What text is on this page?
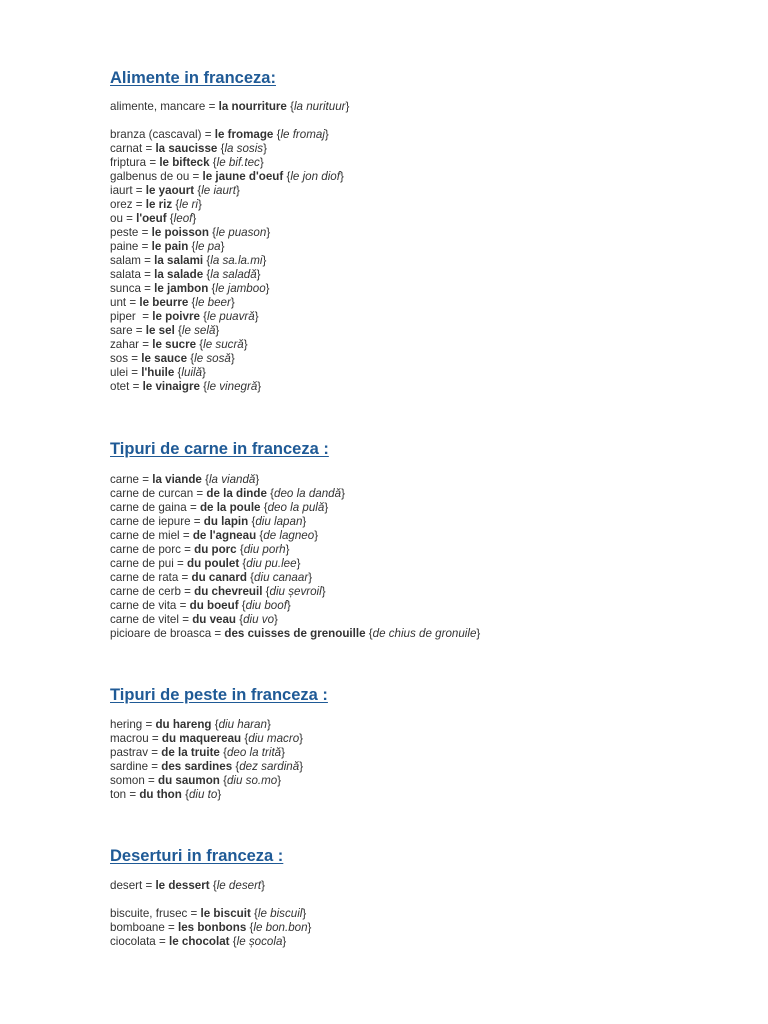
Alimente in franceza:
alimente, mancare = la nourriture {la nurituur}
branza (cascaval) = le fromage {le fromaj}
carnat = la saucisse {la sosis}
friptura = le bifteck {le bif.tec}
galbenus de ou = le jaune d'oeuf {le jon diof}
iaurt = le yaourt {le iaurt}
orez = le riz {le ri}
ou = l'oeuf {leof}
peste = le poisson {le puason}
paine = le pain {le pa}
salam = la salami {la sa.la.mi}
salata = la salade {la saladă}
sunca = le jambon {le jamboo}
unt = le beurre {le beer}
piper  = le poivre {le puavră}
sare = le sel {le selă}
zahar = le sucre {le sucră}
sos = le sauce {le sosă}
ulei = l'huile {luilă}
otet = le vinaigre {le vinegră}
Tipuri de carne in franceza :
carne = la viande {la viandă}
carne de curcan = de la dinde {deo la dandă}
carne de gaina = de la poule {deo la pulă}
carne de iepure = du lapin {diu lapan}
carne de miel = de l'agneau {de lagneo}
carne de porc = du porc {diu porh}
carne de pui = du poulet {diu pu.lee}
carne de rata = du canard {diu canaar}
carne de cerb = du chevreuil {diu șevroil}
carne de vita = du boeuf {diu boof}
carne de vitel = du veau {diu vo}
picioare de broasca = des cuisses de grenouille {de chius de gronuile}
Tipuri de peste in franceza :
hering = du hareng {diu haran}
macrou = du maquereau {diu macro}
pastrav = de la truite {deo la trită}
sardine = des sardines {dez sardină}
somon = du saumon {diu so.mo}
ton = du thon {diu to}
Deserturi in franceza :
desert = le dessert {le desert}
biscuite, frusec = le biscuit {le biscuil}
bomboane = les bonbons {le bon.bon}
ciocolata = le chocolat {le șocola}
